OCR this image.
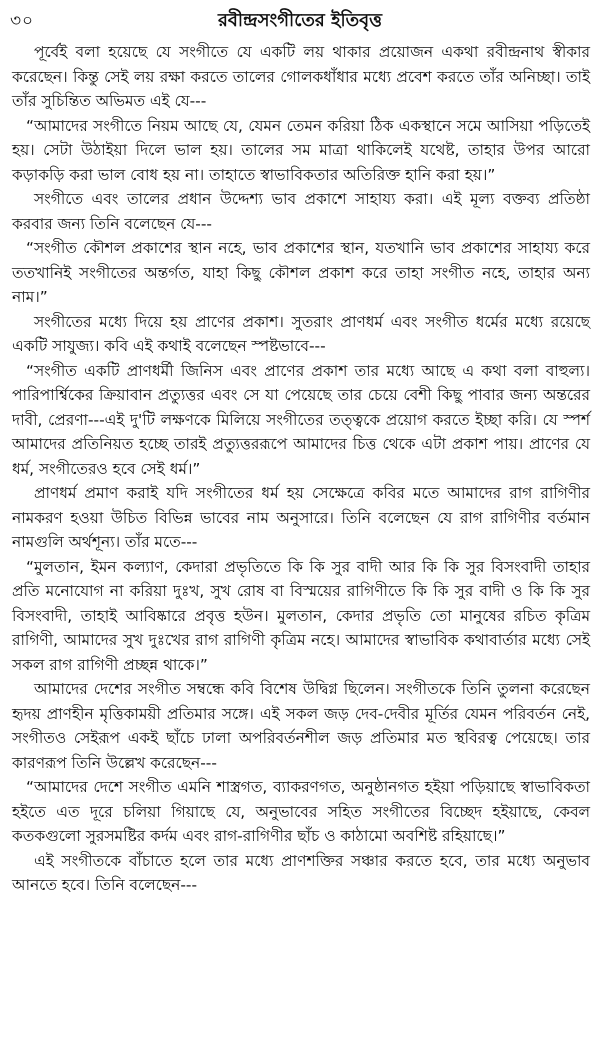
৩০	রবীন্দ্রসংগীতের ইতিবৃত্ত

পূর্বেই বলা হয়েছে যে সংগীতে যে একটি লয় থাকার প্রয়োজন একথা রবীন্দ্রনাথ স্বীকার করেছেন। কিন্তু সেই লয় রক্ষা করতে তালের গোলকধাঁধার মধ্যে প্রবেশ করতে তাঁর অনিচ্ছা। তাই তাঁর সুচিন্তিত অভিমত এই যে---

“আমাদের সংগীতে নিয়ম আছে যে, যেমন তেমন করিয়া ঠিক একস্থানে সমে আসিয়া পড়িতেই হয়। সেটা উঠাইয়া দিলে ভাল হয়। তালের সম মাত্রা থাকিলেই যথেষ্ট, তাহার উপর আরো কড়াকড়ি করা ভাল বোধ হয় না। তাহাতে স্বাভাবিকতার অতিরিক্ত হানি করা হয়।”

সংগীতে এবং তালের প্রধান উদ্দেশ্য ভাব প্রকাশে সাহায্য করা। এই মূল্য বক্তব্য প্রতিষ্ঠা করবার জন্য তিনি বলেছেন যে---

“সংগীত কৌশল প্রকাশের স্থান নহে, ভাব প্রকাশের স্থান, যতখানি ভাব প্রকাশের সাহায্য করে ততখানিই সংগীতের অন্তর্গত, যাহা কিছু কৌশল প্রকাশ করে তাহা সংগীত নহে, তাহার অন্য নাম।”

সংগীতের মধ্যে দিয়ে হয় প্রাণের প্রকাশ। সুতরাং প্রাণধর্ম এবং সংগীত ধর্মের মধ্যে রয়েছে একটি সাযুজ্য। কবি এই কথাই বলেছেন স্পষ্টভাবে---

“সংগীত একটি প্রাণধর্মী জিনিস এবং প্রাণের প্রকাশ তার মধ্যে আছে এ কথা বলা বাহুল্য। পারিপার্শ্বিকের ক্রিয়াবান প্রত্যুত্তর এবং সে যা পেয়েছে তার চেয়ে বেশী কিছু পাবার জন্য অন্তরের দাবী, প্রেরণা---এই দু'টি লক্ষণকে মিলিয়ে সংগীতের তত্ত্বকে প্রয়োগ করতে ইচ্ছা করি। যে স্পর্শ আমাদের প্রতিনিয়ত হচ্ছে তারই প্রত্যুত্তররূপে আমাদের চিত্ত থেকে এটা প্রকাশ পায়। প্রাণের যে ধর্ম, সংগীতেরও হবে সেই ধর্ম।”

প্রাণধর্ম প্রমাণ করাই যদি সংগীতের ধর্ম হয় সেক্ষেত্রে কবির মতে আমাদের রাগ রাগিণীর নামকরণ হওয়া উচিত বিভিন্ন ভাবের নাম অনুসারে। তিনি বলেছেন যে রাগ রাগিণীর বর্তমান নামগুলি অর্থশূন্য। তাঁর মতে---

“মুলতান, ইমন কল্যাণ, কেদারা প্রভৃতিতে কি কি সুর বাদী আর কি কি সুর বিসংবাদী তাহার প্রতি মনোযোগ না করিয়া দুঃখ, সুখ রোষ বা বিস্ময়ের রাগিণীতে কি কি সুর বাদী ও কি কি সুর বিসংবাদী, তাহাই আবিষ্কারে প্রবৃত্ত হউন। মুলতান, কেদার প্রভৃতি তো মানুষের রচিত কৃত্রিম রাগিণী, আমাদের সুখ দুঃখের রাগ রাগিণী কৃত্রিম নহে। আমাদের স্বাভাবিক কথাবার্তার মধ্যে সেই সকল রাগ রাগিণী প্রচ্ছন্ন থাকে।”

আমাদের দেশের সংগীত সম্বন্ধে কবি বিশেষ উদ্বিগ্ন ছিলেন। সংগীতকে তিনি তুলনা করেছেন হৃদয় প্রাণহীন মৃত্তিকাময়ী প্রতিমার সঙ্গে। এই সকল জড় দেব-দেবীর মূর্তির যেমন পরিবর্তন নেই, সংগীতও সেইরূপ একই ছাঁচে ঢালা অপরিবর্তনশীল জড় প্রতিমার মত স্থবিরত্ব পেয়েছে। তার কারণরূপ তিনি উল্লেখ করেছেন---

“আমাদের দেশে সংগীত এমনি শাস্ত্রগত, ব্যাকরণগত, অনুষ্ঠানগত হইয়া পড়িয়াছে স্বাভাবিকতা হইতে এত দূরে চলিয়া গিয়াছে যে, অনুভাবের সহিত সংগীতের বিচ্ছেদ হইয়াছে, কেবল কতকগুলো সুরসমষ্টির কর্দম এবং রাগ-রাগিণীর ছাঁচ ও কাঠামো অবশিষ্ট রহিয়াছে।”

এই সংগীতকে বাঁচাতে হলে তার মধ্যে প্রাণশক্তির সঞ্চার করতে হবে, তার মধ্যে অনুভাব আনতে হবে। তিনি বলেছেন---
